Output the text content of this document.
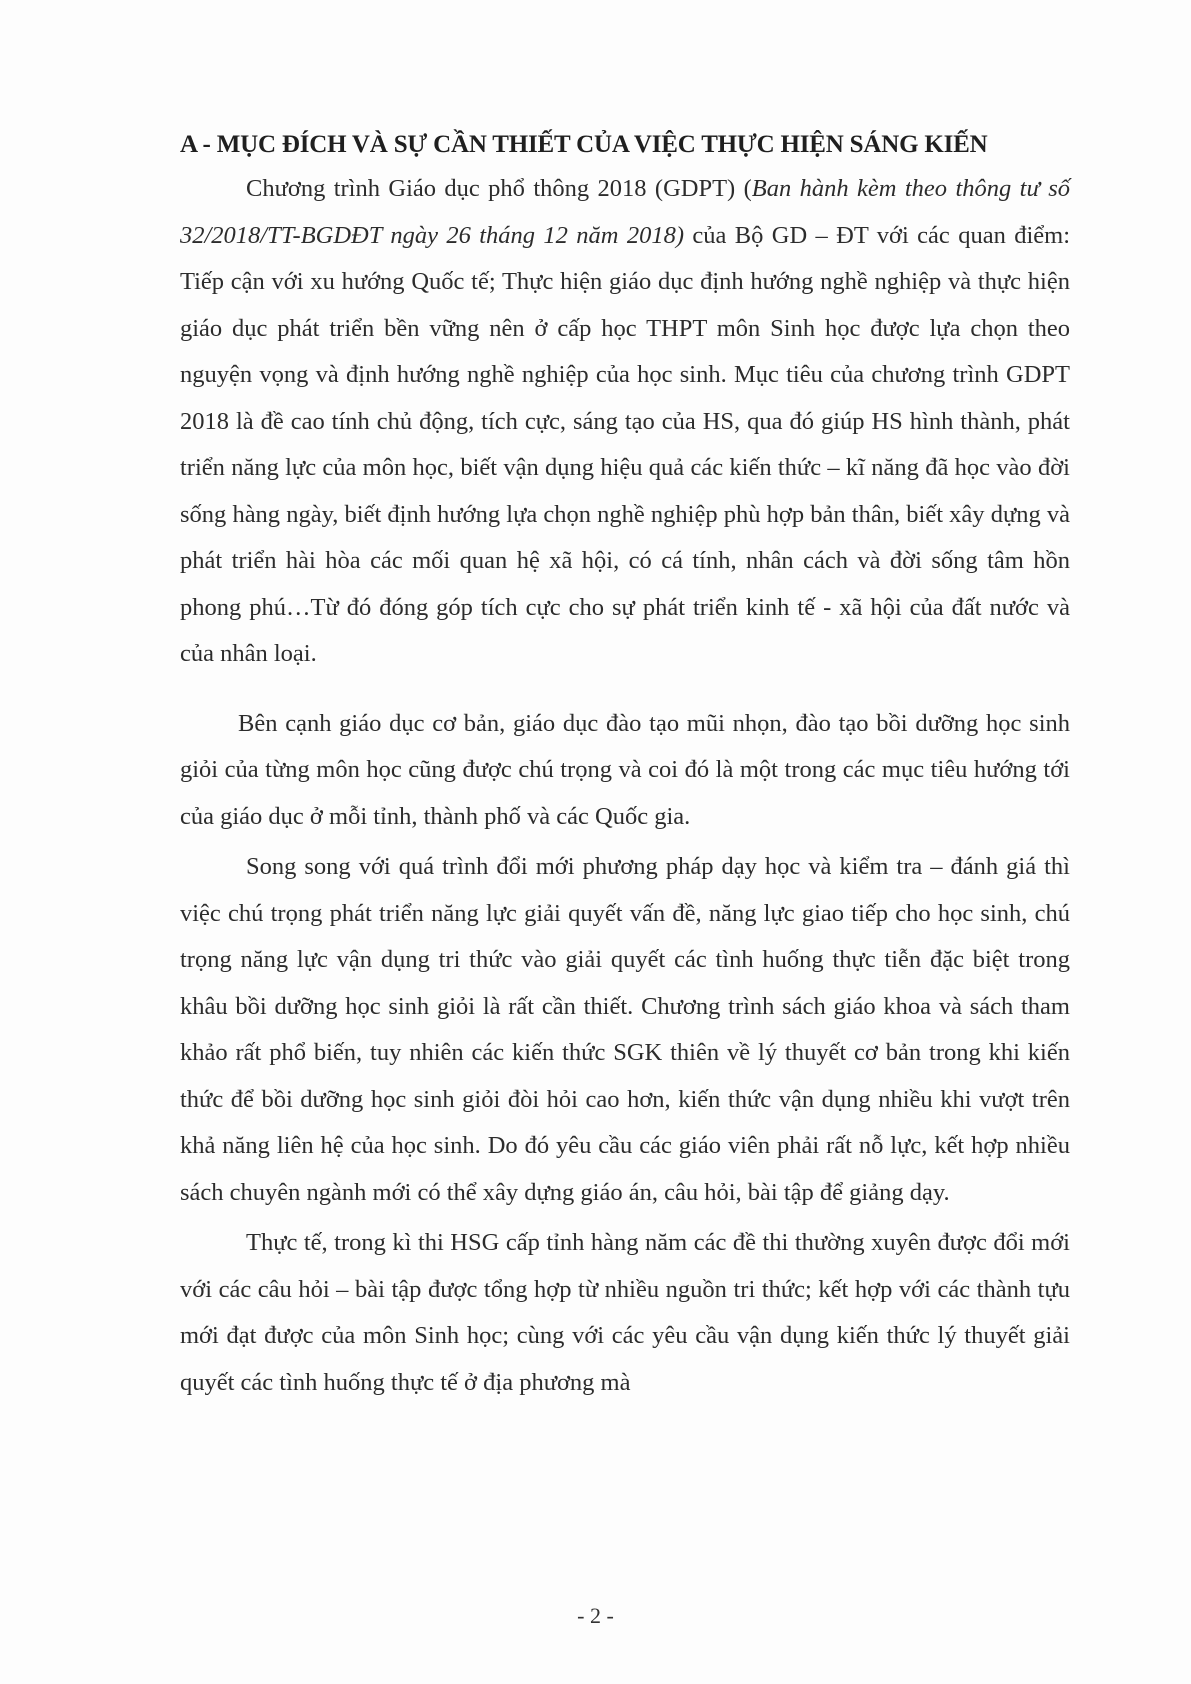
A - MỤC ĐÍCH VÀ SỰ CẦN THIẾT CỦA VIỆC THỰC HIỆN SÁNG KIẾN

Chương trình Giáo dục phổ thông 2018 (GDPT) (Ban hành kèm theo thông tư số 32/2018/TT-BGDĐT ngày 26 tháng 12 năm 2018) của Bộ GD – ĐT với các quan điểm: Tiếp cận với xu hướng Quốc tế; Thực hiện giáo dục định hướng nghề nghiệp và thực hiện giáo dục phát triển bền vững nên ở cấp học THPT môn Sinh học được lựa chọn theo nguyện vọng và định hướng nghề nghiệp của học sinh. Mục tiêu của chương trình GDPT 2018 là đề cao tính chủ động, tích cực, sáng tạo của HS, qua đó giúp HS hình thành, phát triển năng lực của môn học, biết vận dụng hiệu quả các kiến thức – kĩ năng đã học vào đời sống hàng ngày, biết định hướng lựa chọn nghề nghiệp phù hợp bản thân, biết xây dựng và phát triển hài hòa các mối quan hệ xã hội, có cá tính, nhân cách và đời sống tâm hồn phong phú…Từ đó đóng góp tích cực cho sự phát triển kinh tế - xã hội của đất nước và của nhân loại.

Bên cạnh giáo dục cơ bản, giáo dục đào tạo mũi nhọn, đào tạo bồi dưỡng học sinh giỏi của từng môn học cũng được chú trọng và coi đó là một trong các mục tiêu hướng tới của giáo dục ở mỗi tỉnh, thành phố và các Quốc gia.

Song song với quá trình đổi mới phương pháp dạy học và kiểm tra – đánh giá thì việc chú trọng phát triển năng lực giải quyết vấn đề, năng lực giao tiếp cho học sinh, chú trọng năng lực vận dụng tri thức vào giải quyết các tình huống thực tiễn đặc biệt trong khâu bồi dưỡng học sinh giỏi là rất cần thiết. Chương trình sách giáo khoa và sách tham khảo rất phổ biến, tuy nhiên các kiến thức SGK thiên về lý thuyết cơ bản trong khi kiến thức để bồi dưỡng học sinh giỏi đòi hỏi cao hơn, kiến thức vận dụng nhiều khi vượt trên khả năng liên hệ của học sinh. Do đó yêu cầu các giáo viên phải rất nỗ lực, kết hợp nhiều sách chuyên ngành mới có thể xây dựng giáo án, câu hỏi, bài tập để giảng dạy.

Thực tế, trong kì thi HSG cấp tỉnh hàng năm các đề thi thường xuyên được đổi mới với các câu hỏi – bài tập được tổng hợp từ nhiều nguồn tri thức; kết hợp với các thành tựu mới đạt được của môn Sinh học; cùng với các yêu cầu vận dụng kiến thức lý thuyết giải quyết các tình huống thực tế ở địa phương mà

- 2 -
